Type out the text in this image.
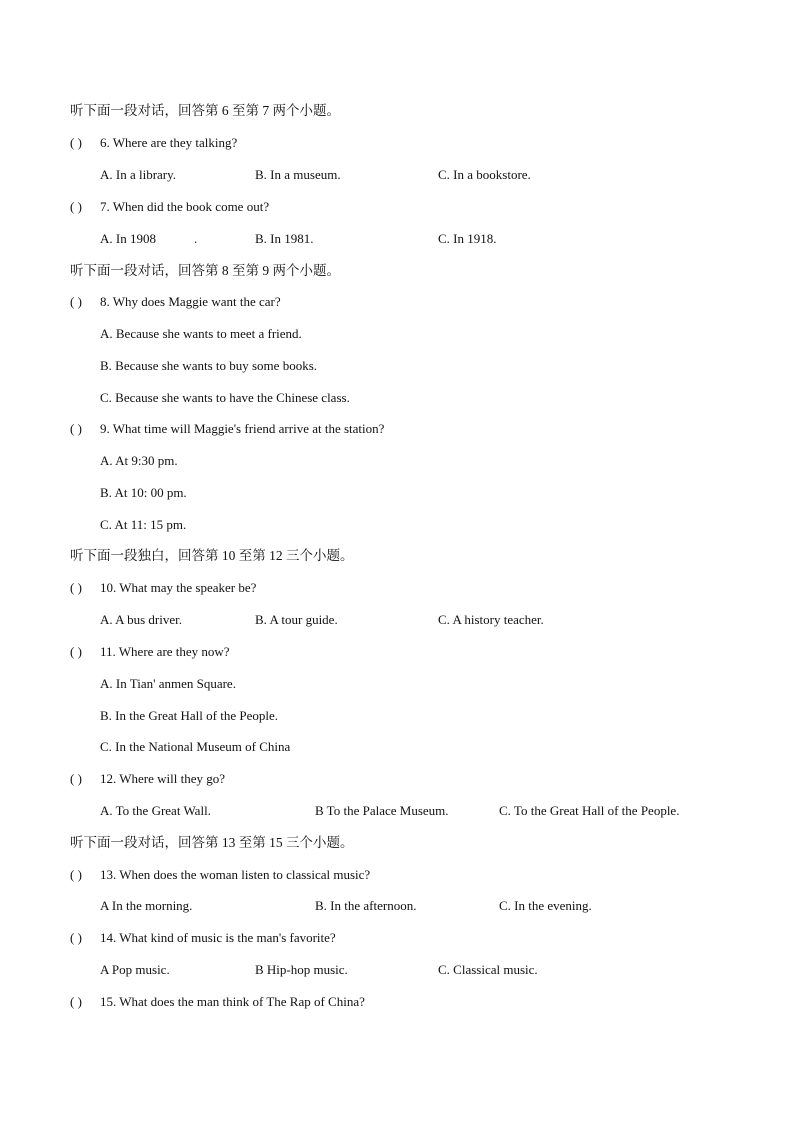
听下面一段对话，回答第 6 至第 7 两个小题。
( ) 6. Where are they talking?
A. In a library.	B. In a museum.	C. In a bookstore.
( ) 7. When did the book come out?
A. In 1908	.	B. In 1981.	C. In 1918.
听下面一段对话，回答第 8 至第 9 两个小题。
( ) 8. Why does Maggie want the car?
A. Because she wants to meet a friend.
B. Because she wants to buy some books.
C. Because she wants to have the Chinese class.
( ) 9. What time will Maggie's friend arrive at the station?
A. At 9:30 pm.
B. At 10: 00 pm.
C. At 11: 15 pm.
听下面一段独白，回答第 10 至第 12 三个小题。
( ) 10. What may the speaker be?
A. A bus driver.	B. A tour guide.	C. A history teacher.
( ) 11. Where are they now?
A. In Tian' anmen Square.
B. In the Great Hall of the People.
C. In the National Museum of China
( ) 12. Where will they go?
A. To the Great Wall.	B To the Palace Museum.	C. To the Great Hall of the People.
听下面一段对话，回答第 13 至第 15 三个小题。
( ) 13. When does the woman listen to classical music?
A In the morning.	B. In the afternoon.	C. In the evening.
( ) 14. What kind of music is the man's favorite?
A Pop music.	B Hip-hop music.	C. Classical music.
( ) 15. What does the man think of The Rap of China?
